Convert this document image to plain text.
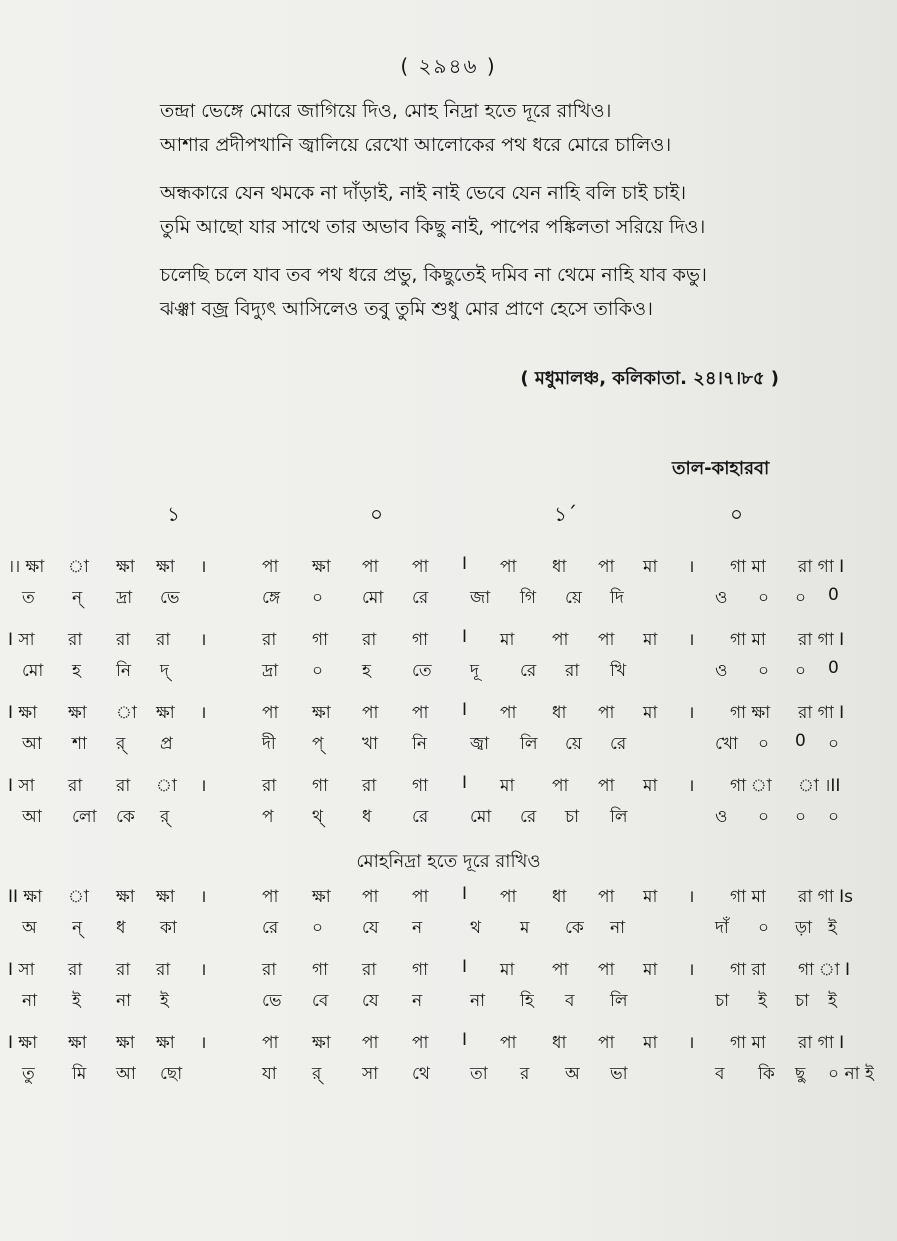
( ২৯৪৬ )
তন্দ্রা ভেঙ্গে মোরে জাগিয়ে দিও, মোহ নিদ্রা হতে দূরে রাখিও।
আশার প্রদীপখানি জ্বালিয়ে রেখো আলোকের পথ ধরে মোরে চালিও।
অন্ধকারে যেন থমকে না দাঁড়াই, নাই নাই ভেবে যেন নাহি বলি চাই চাই।
তুমি আছো যার সাথে তার অভাব কিছু নাই, পাপের পঙ্কিলতা সরিয়ে দিও।
চলেছি চলে যাব তব পথ ধরে প্রভু, কিছুতেই দমিব না থেমে নাহি যাব কভু।
ঝঞ্ঝা বজ্র বিদ্যুৎ আসিলেও তবু তুমি শুধু মোর প্রাণে হেসে তাকিও।
( মধুমালঞ্চ, কলিকাতা. ২৪।৭।৮৫ )
তাল-কাহারবা
১	০	১´	০
।। ক্ষা া ক্ষা ক্ষা ।	পা ক্ষা পা পা I পা ধা পা মা । গা মা রা গা I
ত ন্ দ্রা ভে	ঙ্গে ০ মো রে জা গি য়ে দি	ও ০ ০ 0
I সা রা রা রা ।	রা গা রা গা I মা পা পা মা । গা মা রা গা I
মো হ নি দ্	দ্রা ০ হ তে দূ রে রা খি	ও ০ ০ 0
I ক্ষা ক্ষা া ক্ষা ।	পা ক্ষা পা পা I পা ধা পা মা । গা ক্ষা রা গা I
আ শা র্ প্র	দী প্ খা নি	জ্বা লি য়ে রে	খো ০ 0 ০
I সা রা রা া ।	রা গা রা গা I মা পা পা মা । গা া া ।II
আ লো কে র্	প থ্ ধ রে মো রে চা লি	ও ০ ০ ০
মোহনিদ্রা হতে দূরে রাখিও
II ক্ষা া ক্ষা ক্ষা ।	পা ক্ষা পা পা I পা ধা পা মা । গা মা রা গা Is
অ ন্ ধ কা	রে ০ যে ন	থ ম কে না	দাঁ ০ ড়া ই
I সা রা রা রা ।	রা গা রা গা I মা পা পা মা । গা রা গা া I
না ই না ই	ভে বে যে ন	না হি ব লি	চা ই চা ই
I ক্ষা ক্ষা ক্ষা ক্ষা ।	পা ক্ষা পা পা I পা ধা পা মা । গা মা রা গা I
তু মি আ ছো	যা র্ সা থে তা র অ ভা	ব কি ছু ০ না ই
